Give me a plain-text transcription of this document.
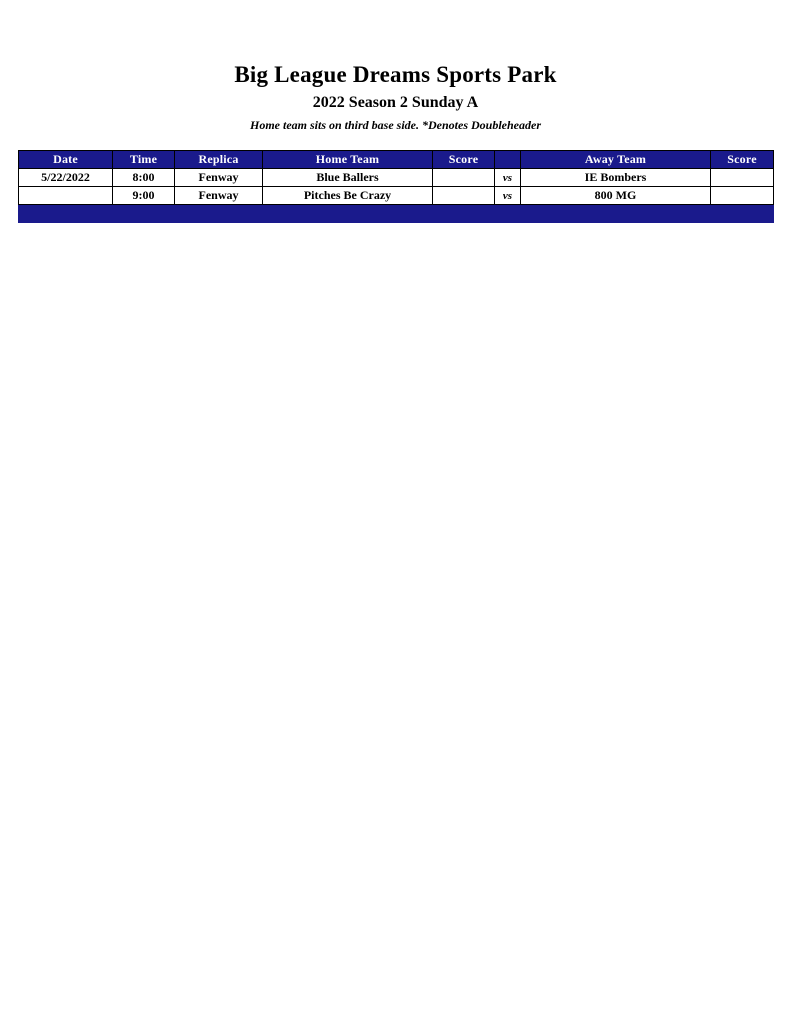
Big League Dreams Sports Park
2022 Season 2 Sunday A
Home team sits on third base side. *Denotes Doubleheader
Date	Time	Replica	Home Team	Score		Away Team	Score
5/22/2022	8:00	Fenway	Blue Ballers		vs	IE Bombers	
	9:00	Fenway	Pitches Be Crazy		vs	800 MG	
